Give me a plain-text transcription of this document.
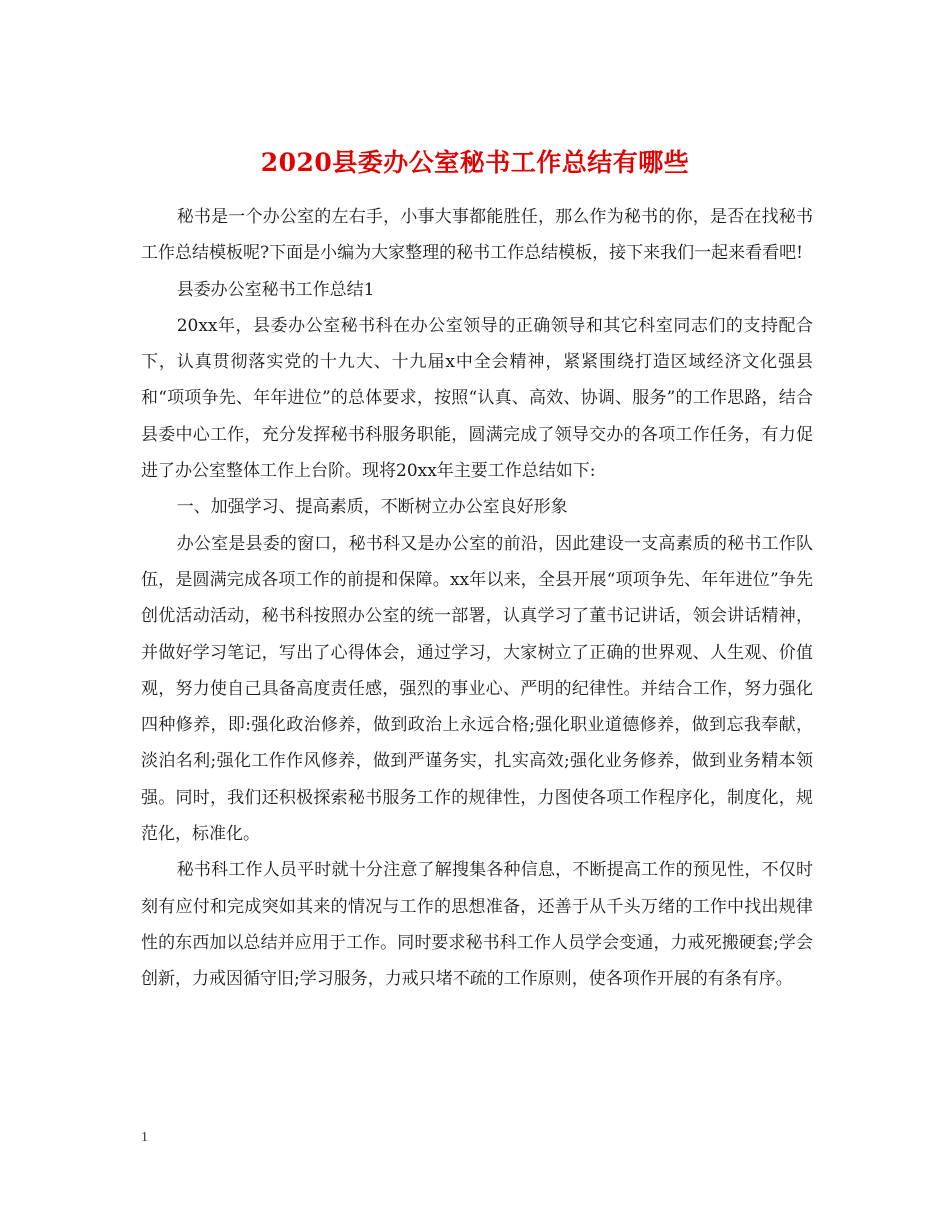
2020县委办公室秘书工作总结有哪些

秘书是一个办公室的左右手，小事大事都能胜任，那么作为秘书的你，是否在找秘书工作总结模板呢?下面是小编为大家整理的秘书工作总结模板，接下来我们一起来看看吧!

县委办公室秘书工作总结1

20xx年，县委办公室秘书科在办公室领导的正确领导和其它科室同志们的支持配合下，认真贯彻落实党的十九大、十九届x中全会精神，紧紧围绕打造区域经济文化强县和“项项争先、年年进位”的总体要求，按照“认真、高效、协调、服务”的工作思路，结合县委中心工作，充分发挥秘书科服务职能，圆满完成了领导交办的各项工作任务，有力促进了办公室整体工作上台阶。现将20xx年主要工作总结如下:

一、加强学习、提高素质，不断树立办公室良好形象

办公室是县委的窗口，秘书科又是办公室的前沿，因此建设一支高素质的秘书工作队伍，是圆满完成各项工作的前提和保障。xx年以来，全县开展“项项争先、年年进位”争先创优活动活动，秘书科按照办公室的统一部署，认真学习了董书记讲话，领会讲话精神，并做好学习笔记，写出了心得体会，通过学习，大家树立了正确的世界观、人生观、价值观，努力使自己具备高度责任感，强烈的事业心、严明的纪律性。并结合工作，努力强化四种修养，即:强化政治修养，做到政治上永远合格;强化职业道德修养，做到忘我奉献，淡泊名利;强化工作作风修养，做到严谨务实，扎实高效;强化业务修养，做到业务精本领强。同时，我们还积极探索秘书服务工作的规律性，力图使各项工作程序化，制度化，规范化，标准化。

秘书科工作人员平时就十分注意了解搜集各种信息，不断提高工作的预见性，不仅时刻有应付和完成突如其来的情况与工作的思想准备，还善于从千头万绪的工作中找出规律性的东西加以总结并应用于工作。同时要求秘书科工作人员学会变通，力戒死搬硬套;学会创新，力戒因循守旧;学习服务，力戒只堵不疏的工作原则，使各项作开展的有条有序。

1
